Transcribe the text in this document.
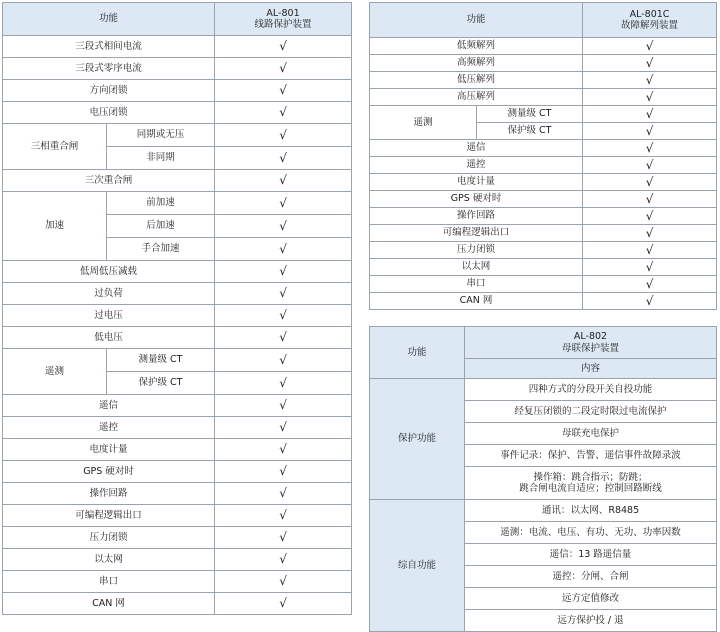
功能		AL-801
线路保护装置
三段式相间电流		√
三段式零序电流		√
方向闭锁		√
电压闭锁		√
三相重合闸	同期或无压	√
	非同期	√
三次重合闸		√
加速	前加速	√
	后加速	√
	手合加速	√
低周低压减载		√
过负荷		√
过电压		√
低电压		√
遥测	测量级 CT	√
	保护级 CT	√
遥信		√
遥控		√
电度计量		√
GPS 硬对时		√
操作回路		√
可编程逻辑出口		√
压力闭锁		√
以太网		√
串口		√
CAN 网		√
功能		AL-801C
故障解列装置
低频解列		√
高频解列		√
低压解列		√
高压解列		√
遥测	测量级 CT	√
	保护级 CT	√
遥信		√
遥控		√
电度计量		√
GPS 硬对时		√
操作回路		√
可编程逻辑出口		√
压力闭锁		√
以太网		√
串口		√
CAN 网		√
功能	AL-802
母联保护装置
	内容
保护功能	四种方式的分段开关自投功能
	经复压闭锁的二段定时限过电流保护
	母联充电保护
	事件记录：保护、告警、遥信事件故障录波
	操作箱：跳合指示；防跳；
跳合闸电流自适应；控制回路断线
综自功能	通讯：以太网、R8485
	遥测：电流、电压、有功、无功、功率因数
	遥信：13 路遥信量
	遥控：分闸、合闸
	远方定值修改
	远方保护投 / 退
